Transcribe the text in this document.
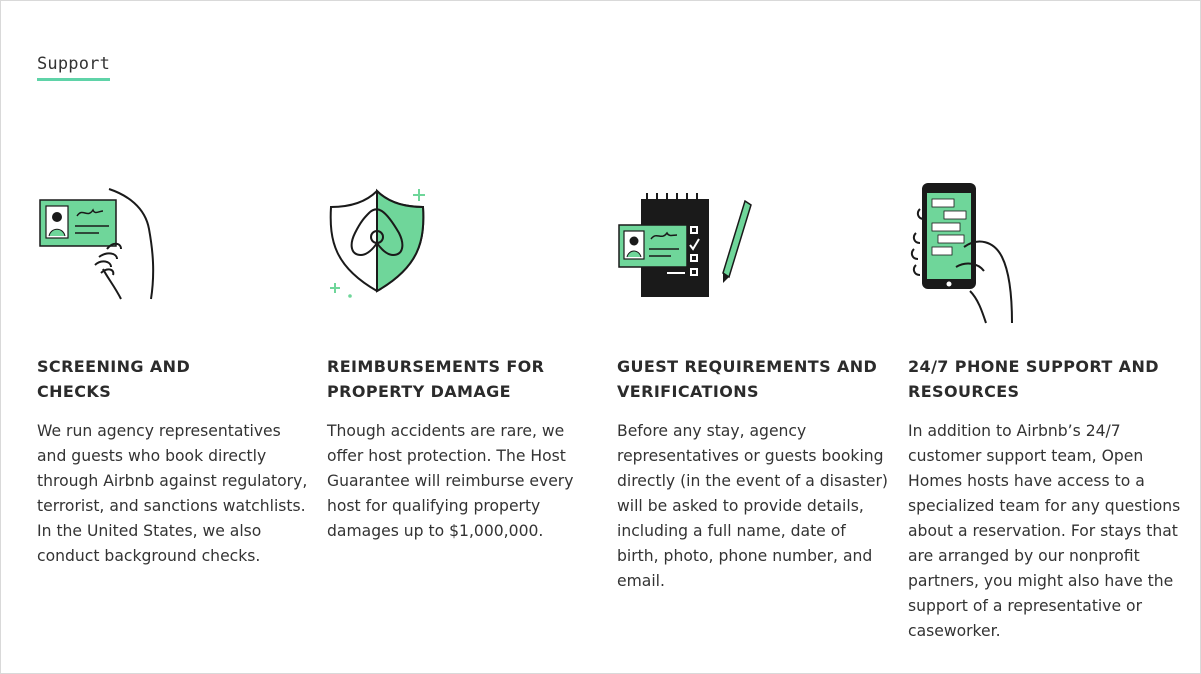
Support
SCREENING AND
CHECKS

We run agency representatives and guests who book directly through Airbnb against regulatory, terrorist, and sanctions watchlists. In the United States, we also conduct background checks.

REIMBURSEMENTS FOR
PROPERTY DAMAGE

Though accidents are rare, we offer host protection. The Host Guarantee will reimburse every host for qualifying property damages up to $1,000,000.

GUEST REQUIREMENTS AND
VERIFICATIONS

Before any stay, agency representatives or guests booking directly (in the event of a disaster) will be asked to provide details, including a full name, date of birth, photo, phone number, and email.

24/7 PHONE SUPPORT AND
RESOURCES

In addition to Airbnb’s 24/7 customer support team, Open Homes hosts have access to a specialized team for any questions about a reservation. For stays that are arranged by our nonprofit partners, you might also have the support of a representative or caseworker.
